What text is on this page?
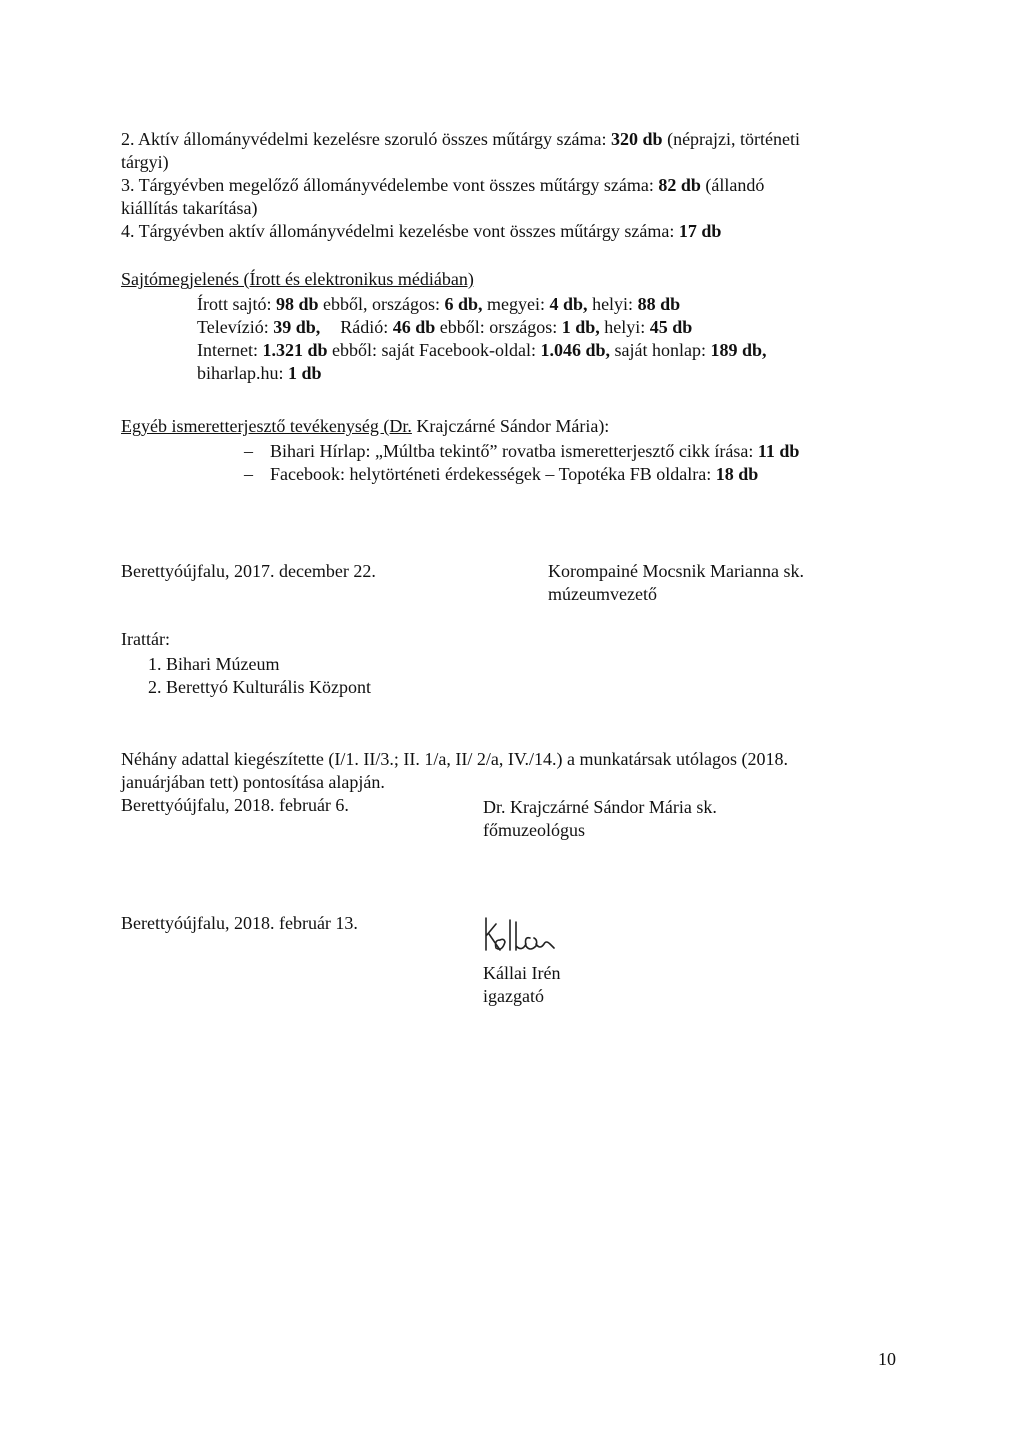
2. Aktív állományvédelmi kezelésre szoruló összes műtárgy száma: 320 db (néprajzi, történeti
tárgyi)
3. Tárgyévben megelőző állományvédelembe vont összes műtárgy száma: 82 db (állandó
kiállítás takarítása)
4. Tárgyévben aktív állományvédelmi kezelésbe vont összes műtárgy száma: 17 db
Sajtómegjelenés (Írott és elektronikus médiában)
Írott sajtó: 98 db ebből, országos: 6 db, megyei: 4 db, helyi: 88 db
Televízió: 39 db, Rádió: 46 db ebből: országos: 1 db, helyi: 45 db
Internet: 1.321 db ebből: saját Facebook-oldal: 1.046 db, saját honlap: 189 db,
biharlap.hu: 1 db
Egyéb ismeretterjesztő tevékenység (Dr. Krajczárné Sándor Mária):
– Bihari Hírlap: „Múltba tekintő” rovatba ismeretterjesztő cikk írása: 11 db
– Facebook: helytörténeti érdekességek – Topotéka FB oldalra: 18 db
Berettyóújfalu, 2017. december 22.	Korompainé Mocsnik Marianna sk.
múzeumvezető
Irattár:
1. Bihari Múzeum
2. Berettyó Kulturális Központ
Néhány adattal kiegészítette (I/1. II/3.; II. 1/a, II/ 2/a, IV./14.) a munkatársak utólagos (2018.
januárjában tett) pontosítása alapján.
Berettyóújfalu, 2018. február 6.	Dr. Krajczárné Sándor Mária sk.
főmuzeológus
Berettyóújfalu, 2018. február 13.
Kállai Irén
igazgató
10
